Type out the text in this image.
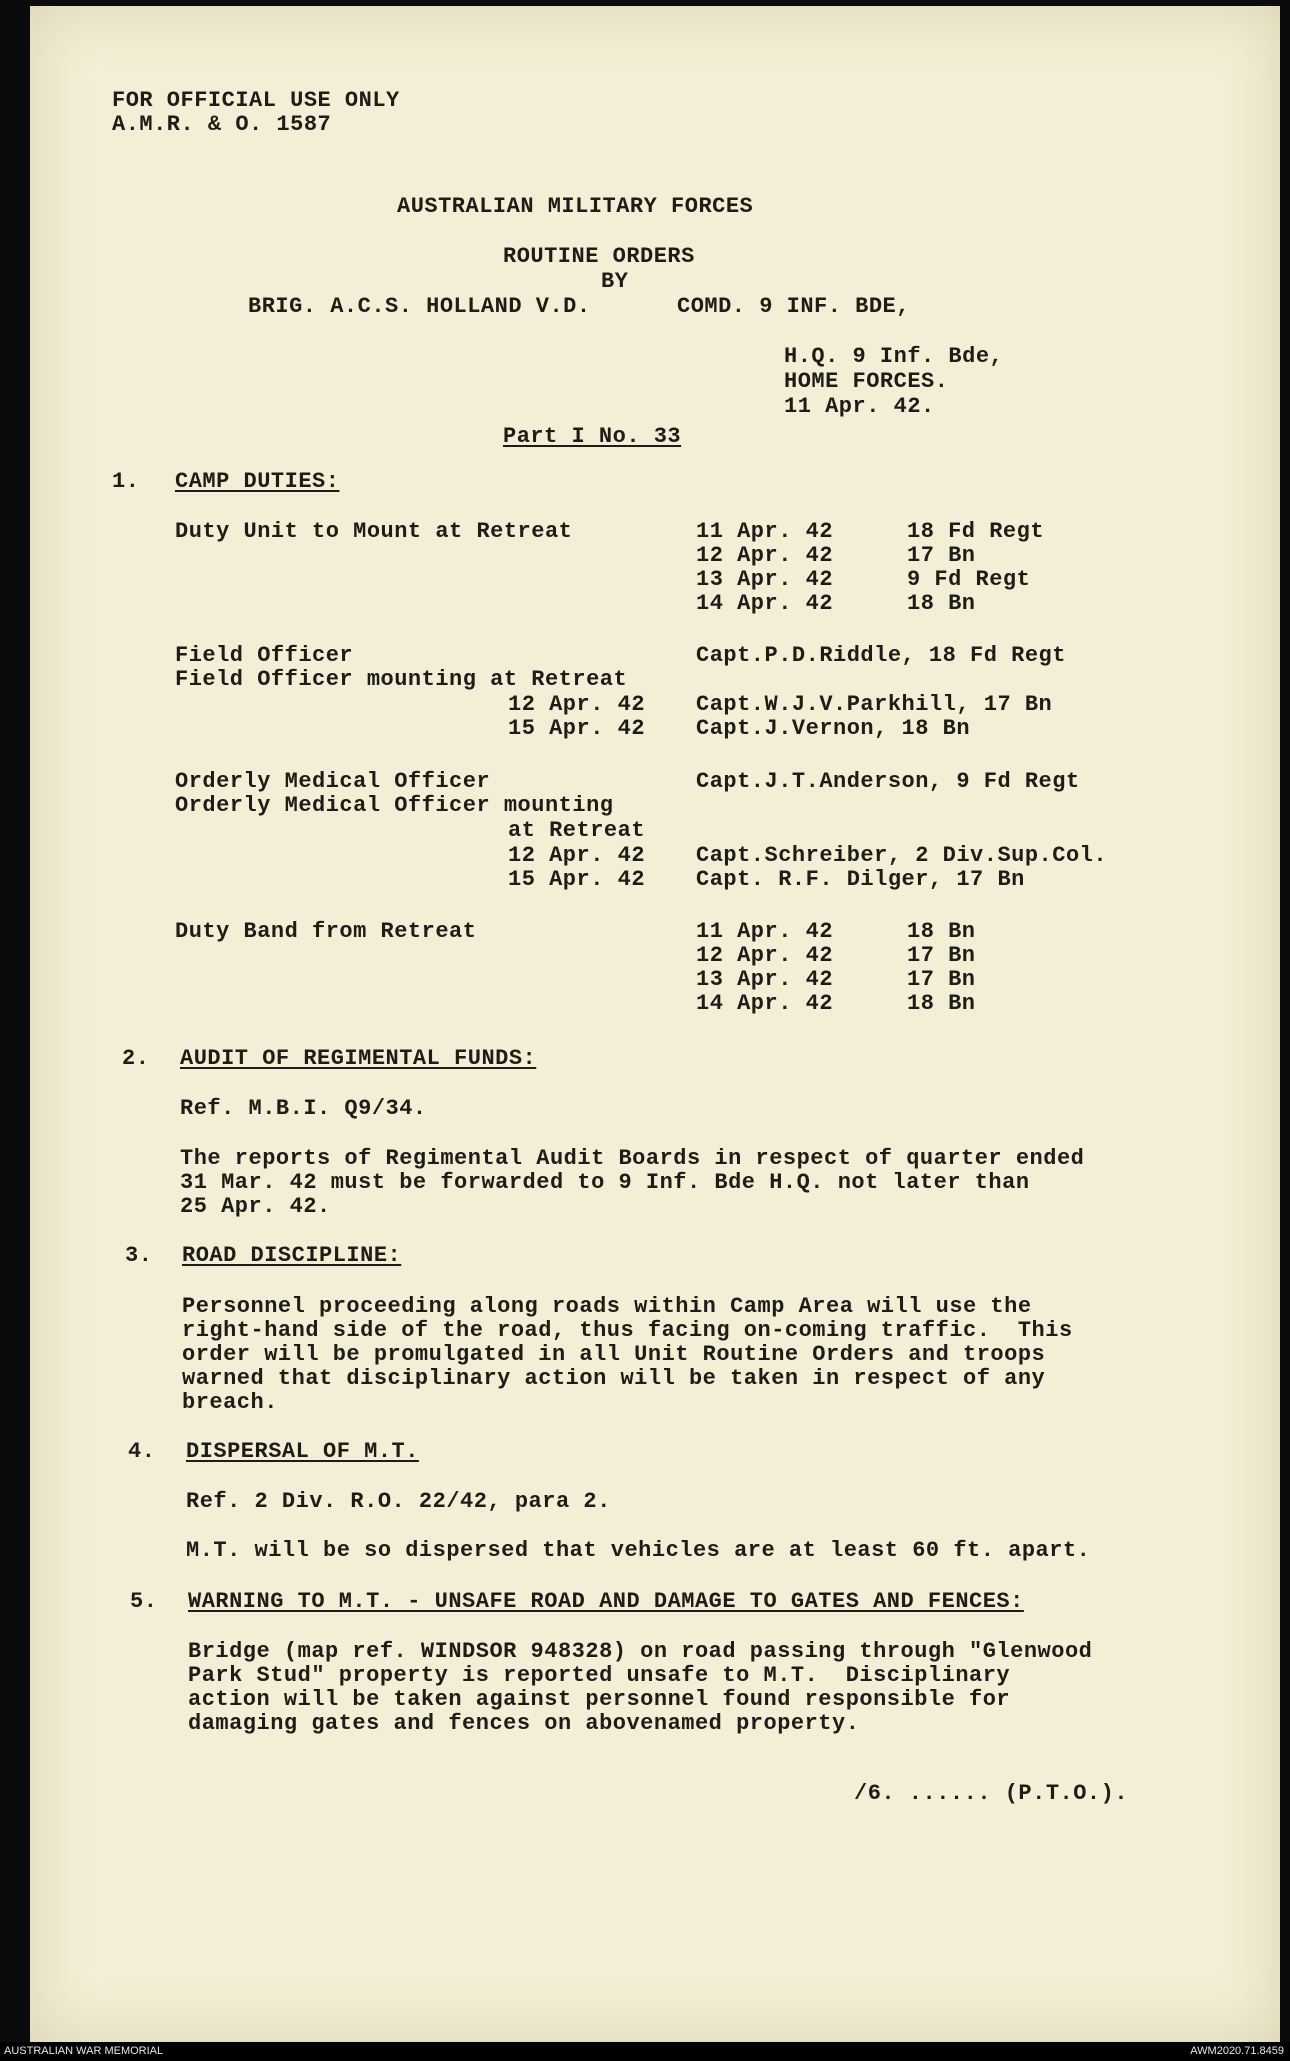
FOR OFFICIAL USE ONLY
A.M.R. & O. 1587
AUSTRALIAN MILITARY FORCES
ROUTINE ORDERS
BY
BRIG. A.C.S. HOLLAND V.D.	COMD. 9 INF. BDE,
H.Q. 9 Inf. Bde,
HOME FORCES.
11 Apr. 42.
Part I No. 33
1. CAMP DUTIES:
Duty Unit to Mount at Retreat	11 Apr. 42	18 Fd Regt
12 Apr. 42	17 Bn
13 Apr. 42	9 Fd Regt
14 Apr. 42	18 Bn
Field Officer	Capt.P.D.Riddle, 18 Fd Regt
Field Officer mounting at Retreat
12 Apr. 42 Capt.W.J.V.Parkhill, 17 Bn
15 Apr. 42 Capt.J.Vernon, 18 Bn
Orderly Medical Officer	Capt.J.T.Anderson, 9 Fd Regt
Orderly Medical Officer mounting
at Retreat
12 Apr. 42 Capt.Schreiber, 2 Div.Sup.Col.
15 Apr. 42 Capt. R.F. Dilger, 17 Bn
Duty Band from Retreat	11 Apr. 42	18 Bn
12 Apr. 42	17 Bn
13 Apr. 42	17 Bn
14 Apr. 42	18 Bn
2. AUDIT OF REGIMENTAL FUNDS:
Ref. M.B.I. Q9/34.
The reports of Regimental Audit Boards in respect of quarter ended
31 Mar. 42 must be forwarded to 9 Inf. Bde H.Q. not later than
25 Apr. 42.
3. ROAD DISCIPLINE:
Personnel proceeding along roads within Camp Area will use the
right-hand side of the road, thus facing on-coming traffic.  This
order will be promulgated in all Unit Routine Orders and troops
warned that disciplinary action will be taken in respect of any
breach.
4. DISPERSAL OF M.T.
Ref. 2 Div. R.O. 22/42, para 2.
M.T. will be so dispersed that vehicles are at least 60 ft. apart.
5. WARNING TO M.T. - UNSAFE ROAD AND DAMAGE TO GATES AND FENCES:
Bridge (map ref. WINDSOR 948328) on road passing through "Glenwood
Park Stud" property is reported unsafe to M.T.  Disciplinary
action will be taken against personnel found responsible for
damaging gates and fences on abovenamed property.
/6. ...... (P.T.O.).
AUSTRALIAN WAR MEMORIAL	AWM2020.71.8459
